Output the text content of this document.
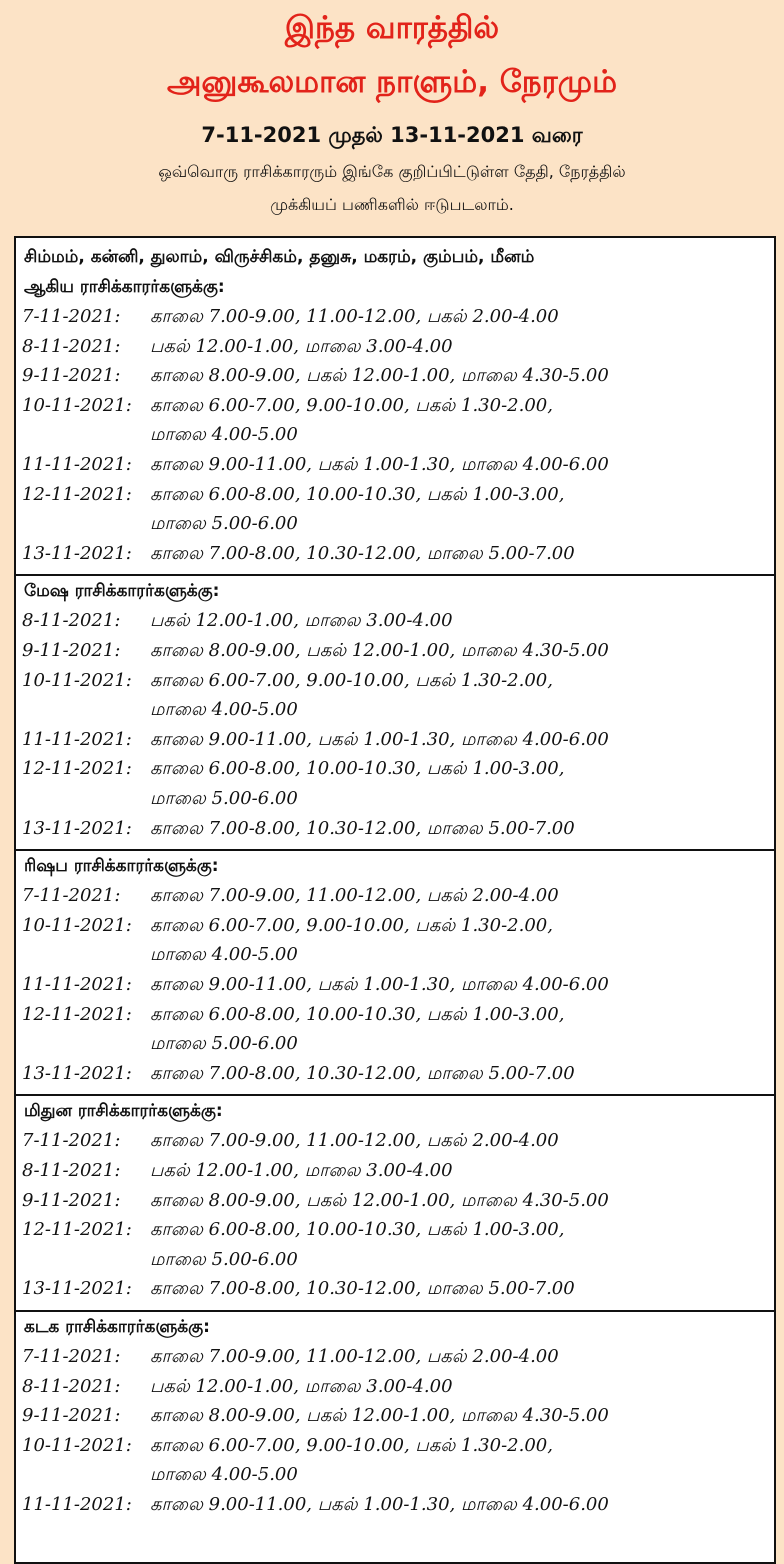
இந்த வாரத்தில்
அனுகூலமான நாளும், நேரமும்
7-11-2021 முதல் 13-11-2021 வரை
ஒவ்வொரு ராசிக்காரரும் இங்கே குறிப்பிட்டுள்ள தேதி, நேரத்தில்
முக்கியப் பணிகளில் ஈடுபடலாம்.
சிம்மம், கன்னி, துலாம், விருச்சிகம், தனுசு, மகரம், கும்பம், மீனம்
ஆகிய ராசிக்காரர்களுக்கு:
7-11-2021: காலை 7.00-9.00, 11.00-12.00, பகல் 2.00-4.00
8-11-2021: பகல் 12.00-1.00, மாலை 3.00-4.00
9-11-2021: காலை 8.00-9.00, பகல் 12.00-1.00, மாலை 4.30-5.00
10-11-2021: காலை 6.00-7.00, 9.00-10.00, பகல் 1.30-2.00,
மாலை 4.00-5.00
11-11-2021: காலை 9.00-11.00, பகல் 1.00-1.30, மாலை 4.00-6.00
12-11-2021: காலை 6.00-8.00, 10.00-10.30, பகல் 1.00-3.00,
மாலை 5.00-6.00
13-11-2021: காலை 7.00-8.00, 10.30-12.00, மாலை 5.00-7.00
மேஷ ராசிக்காரர்களுக்கு:
8-11-2021: பகல் 12.00-1.00, மாலை 3.00-4.00
9-11-2021: காலை 8.00-9.00, பகல் 12.00-1.00, மாலை 4.30-5.00
10-11-2021: காலை 6.00-7.00, 9.00-10.00, பகல் 1.30-2.00,
மாலை 4.00-5.00
11-11-2021: காலை 9.00-11.00, பகல் 1.00-1.30, மாலை 4.00-6.00
12-11-2021: காலை 6.00-8.00, 10.00-10.30, பகல் 1.00-3.00,
மாலை 5.00-6.00
13-11-2021: காலை 7.00-8.00, 10.30-12.00, மாலை 5.00-7.00
ரிஷப ராசிக்காரர்களுக்கு:
7-11-2021: காலை 7.00-9.00, 11.00-12.00, பகல் 2.00-4.00
10-11-2021: காலை 6.00-7.00, 9.00-10.00, பகல் 1.30-2.00,
மாலை 4.00-5.00
11-11-2021: காலை 9.00-11.00, பகல் 1.00-1.30, மாலை 4.00-6.00
12-11-2021: காலை 6.00-8.00, 10.00-10.30, பகல் 1.00-3.00,
மாலை 5.00-6.00
13-11-2021: காலை 7.00-8.00, 10.30-12.00, மாலை 5.00-7.00
மிதுன ராசிக்காரர்களுக்கு:
7-11-2021: காலை 7.00-9.00, 11.00-12.00, பகல் 2.00-4.00
8-11-2021: பகல் 12.00-1.00, மாலை 3.00-4.00
9-11-2021: காலை 8.00-9.00, பகல் 12.00-1.00, மாலை 4.30-5.00
12-11-2021: காலை 6.00-8.00, 10.00-10.30, பகல் 1.00-3.00,
மாலை 5.00-6.00
13-11-2021: காலை 7.00-8.00, 10.30-12.00, மாலை 5.00-7.00
கடக ராசிக்காரர்களுக்கு:
7-11-2021: காலை 7.00-9.00, 11.00-12.00, பகல் 2.00-4.00
8-11-2021: பகல் 12.00-1.00, மாலை 3.00-4.00
9-11-2021: காலை 8.00-9.00, பகல் 12.00-1.00, மாலை 4.30-5.00
10-11-2021: காலை 6.00-7.00, 9.00-10.00, பகல் 1.30-2.00,
மாலை 4.00-5.00
11-11-2021: காலை 9.00-11.00, பகல் 1.00-1.30, மாலை 4.00-6.00
